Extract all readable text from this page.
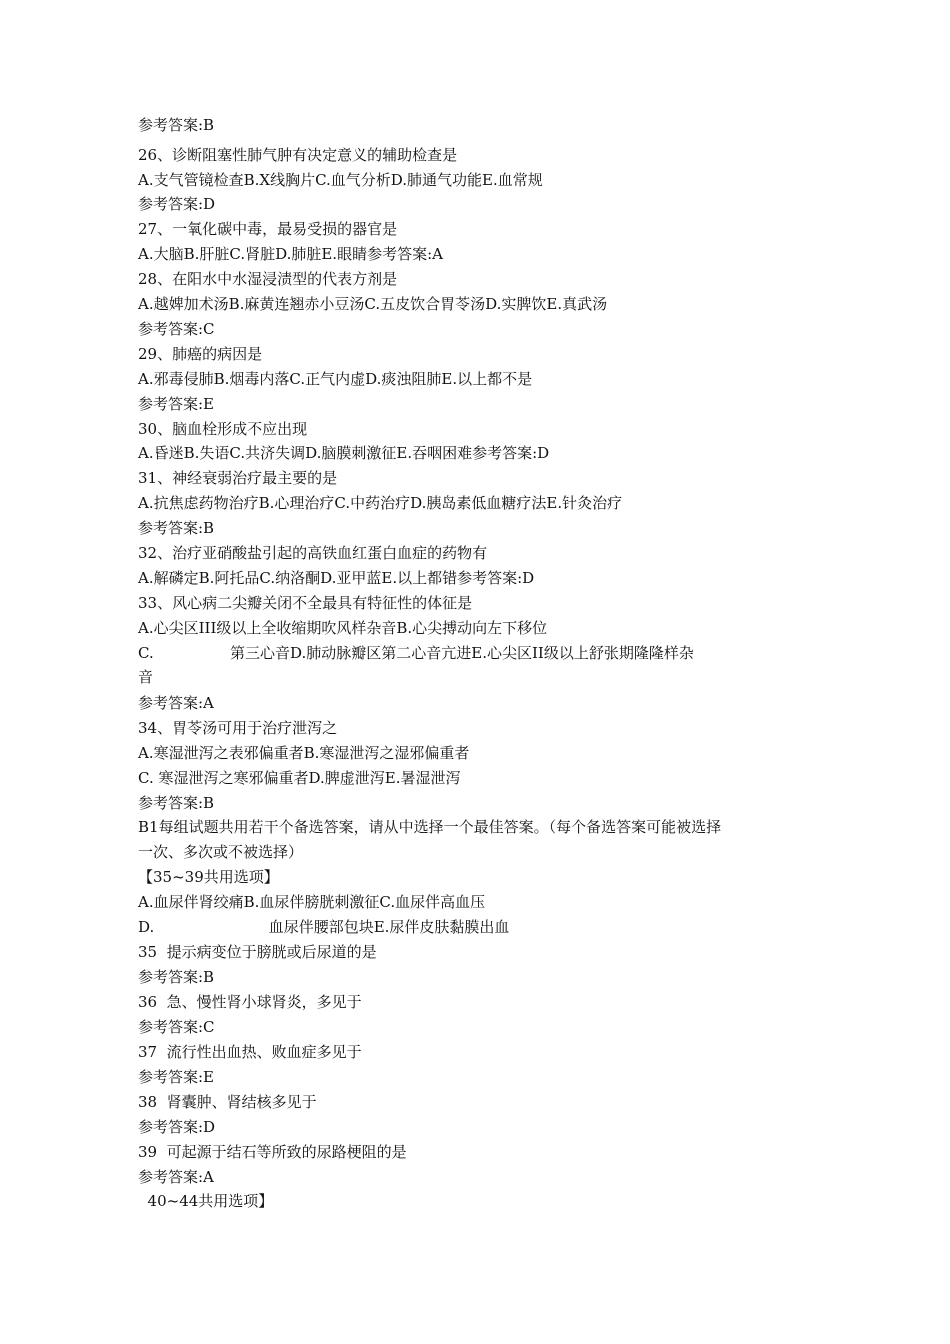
参考答案:B
26、诊断阻塞性肺气肿有决定意义的辅助检查是
A.支气管镜检查B.X线胸片C.血气分析D.肺通气功能E.血常规
参考答案:D
27、一氧化碳中毒，最易受损的器官是
A.大脑B.肝脏C.肾脏D.肺脏E.眼睛参考答案:A
28、在阳水中水湿浸渍型的代表方剂是
A.越婢加术汤B.麻黄连翘赤小豆汤C.五皮饮合胃苓汤D.实脾饮E.真武汤
参考答案:C
29、肺癌的病因是
A.邪毒侵肺B.烟毒内落C.正气内虚D.痰浊阻肺E.以上都不是
参考答案:E
30、脑血栓形成不应出现
A.昏迷B.失语C.共济失调D.脑膜刺激征E.吞咽困难参考答案:D
31、神经衰弱治疗最主要的是
A.抗焦虑药物治疗B.心理治疗C.中药治疗D.胰岛素低血糖疗法E.针灸治疗
参考答案:B
32、治疗亚硝酸盐引起的高铁血红蛋白血症的药物有
A.解磷定B.阿托品C.纳洛酮D.亚甲蓝E.以上都错参考答案:D
33、风心病二尖瓣关闭不全最具有特征性的体征是
A.心尖区III级以上全收缩期吹风样杂音B.心尖搏动向左下移位
C.                第三心音D.肺动脉瓣区第二心音亢进E.心尖区II级以上舒张期隆隆样杂
音
参考答案:A
34、胃苓汤可用于治疗泄泻之
A.寒湿泄泻之表邪偏重者B.寒湿泄泻之湿邪偏重者
C. 寒湿泄泻之寒邪偏重者D.脾虚泄泻E.暑湿泄泻
参考答案:B
B1每组试题共用若干个备选答案，请从中选择一个最佳答案。（每个备选答案可能被选择
一次、多次或不被选择）
【35~39共用选项】
A.血尿伴肾绞痛B.血尿伴膀胱刺激征C.血尿伴高血压
D.                        血尿伴腰部包块E.尿伴皮肤黏膜出血
35  提示病变位于膀胱或后尿道的是
参考答案:B
36  急、慢性肾小球肾炎，多见于
参考答案:C
37  流行性出血热、败血症多见于
参考答案:E
38  肾囊肿、肾结核多见于
参考答案:D
39  可起源于结石等所致的尿路梗阻的是
参考答案:A
40~44共用选项】
